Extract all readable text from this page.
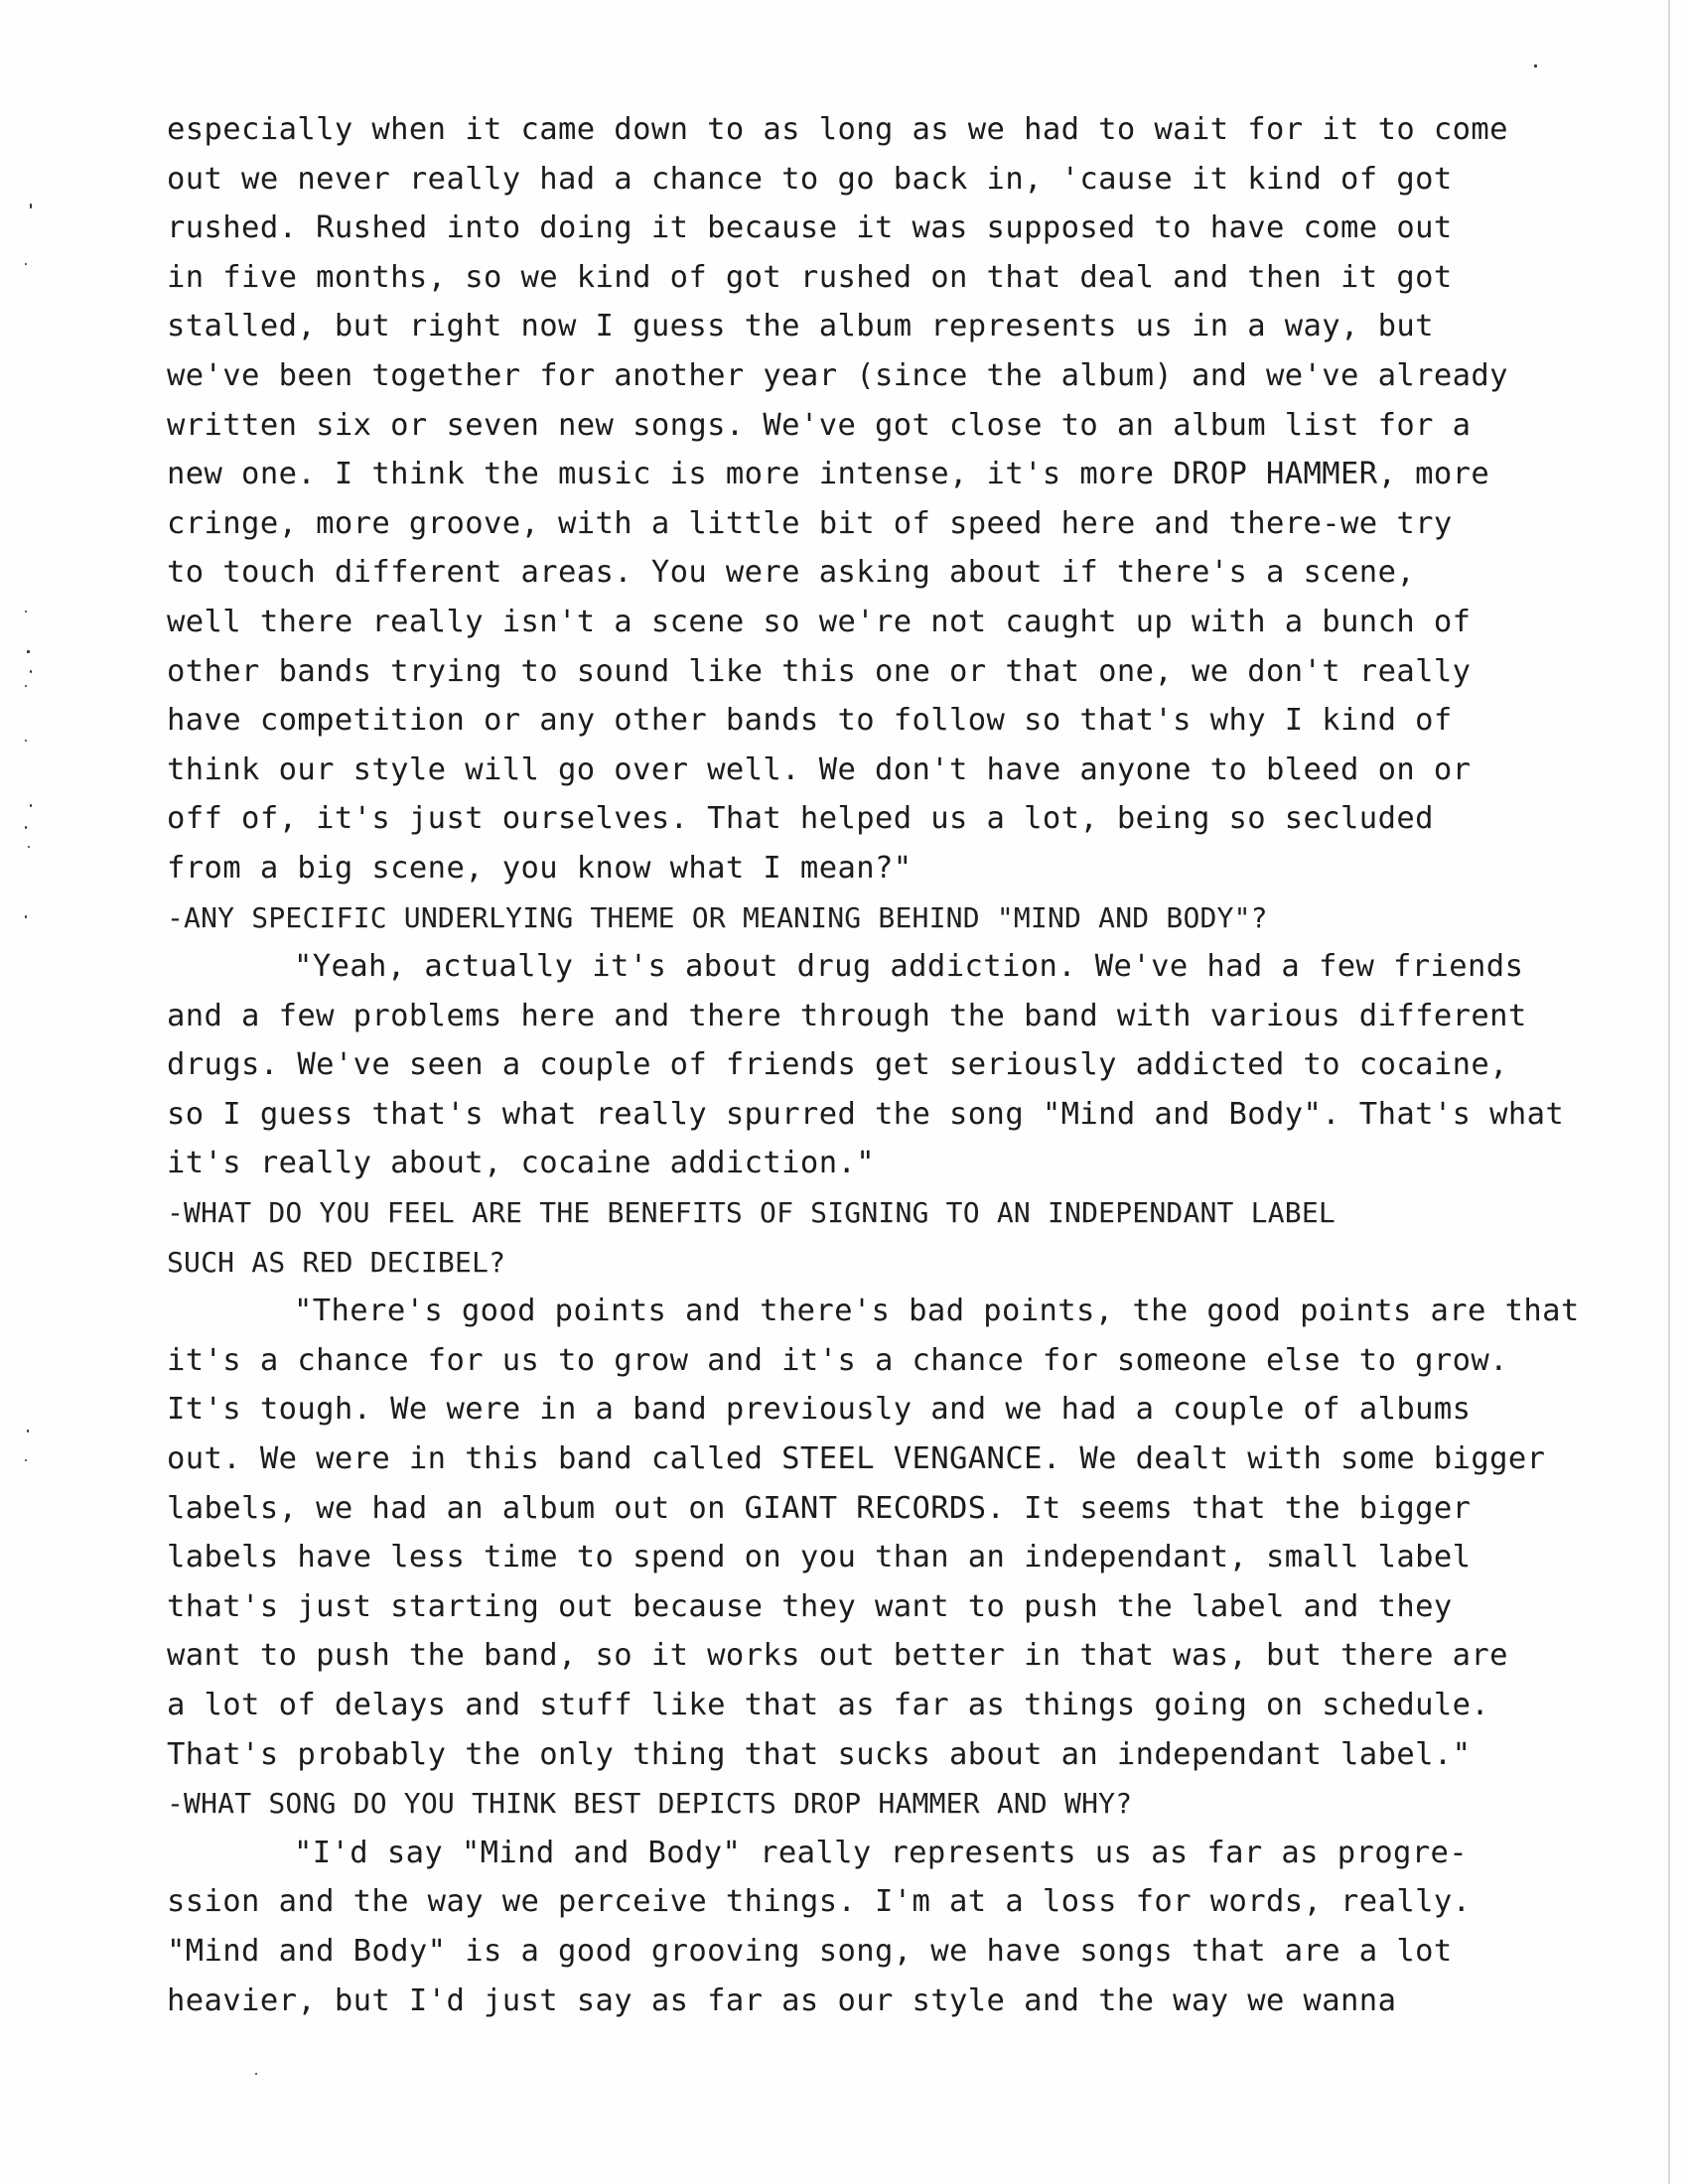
especially when it came down to as long as we had to wait for it to come
out we never really had a chance to go back in, 'cause it kind of got
rushed. Rushed into doing it because it was supposed to have come out
in five months, so we kind of got rushed on that deal and then it got
stalled, but right now I guess the album represents us in a way, but
we've been together for another year (since the album) and we've already
written six or seven new songs. We've got close to an album list for a
new one. I think the music is more intense, it's more DROP HAMMER, more
cringe, more groove, with a little bit of speed here and there-we try
to touch different areas. You were asking about if there's a scene,
well there really isn't a scene so we're not caught up with a bunch of
other bands trying to sound like this one or that one, we don't really
have competition or any other bands to follow so that's why I kind of
think our style will go over well. We don't have anyone to bleed on or
off of, it's just ourselves. That helped us a lot, being so secluded
from a big scene, you know what I mean?"
-ANY SPECIFIC UNDERLYING THEME OR MEANING BEHIND "MIND AND BODY"?
"Yeah, actually it's about drug addiction. We've had a few friends
and a few problems here and there through the band with various different
drugs. We've seen a couple of friends get seriously addicted to cocaine,
so I guess that's what really spurred the song "Mind and Body". That's what
it's really about, cocaine addiction."
-WHAT DO YOU FEEL ARE THE BENEFITS OF SIGNING TO AN INDEPENDANT LABEL
SUCH AS RED DECIBEL?
"There's good points and there's bad points, the good points are that
it's a chance for us to grow and it's a chance for someone else to grow.
It's tough. We were in a band previously and we had a couple of albums
out. We were in this band called STEEL VENGANCE. We dealt with some bigger
labels, we had an album out on GIANT RECORDS. It seems that the bigger
labels have less time to spend on you than an independant, small label
that's just starting out because they want to push the label and they
want to push the band, so it works out better in that was, but there are
a lot of delays and stuff like that as far as things going on schedule.
That's probably the only thing that sucks about an independant label."
-WHAT SONG DO YOU THINK BEST DEPICTS DROP HAMMER AND WHY?
"I'd say "Mind and Body" really represents us as far as progre-
ssion and the way we perceive things. I'm at a loss for words, really.
"Mind and Body" is a good grooving song, we have songs that are a lot
heavier, but I'd just say as far as our style and the way we wanna
